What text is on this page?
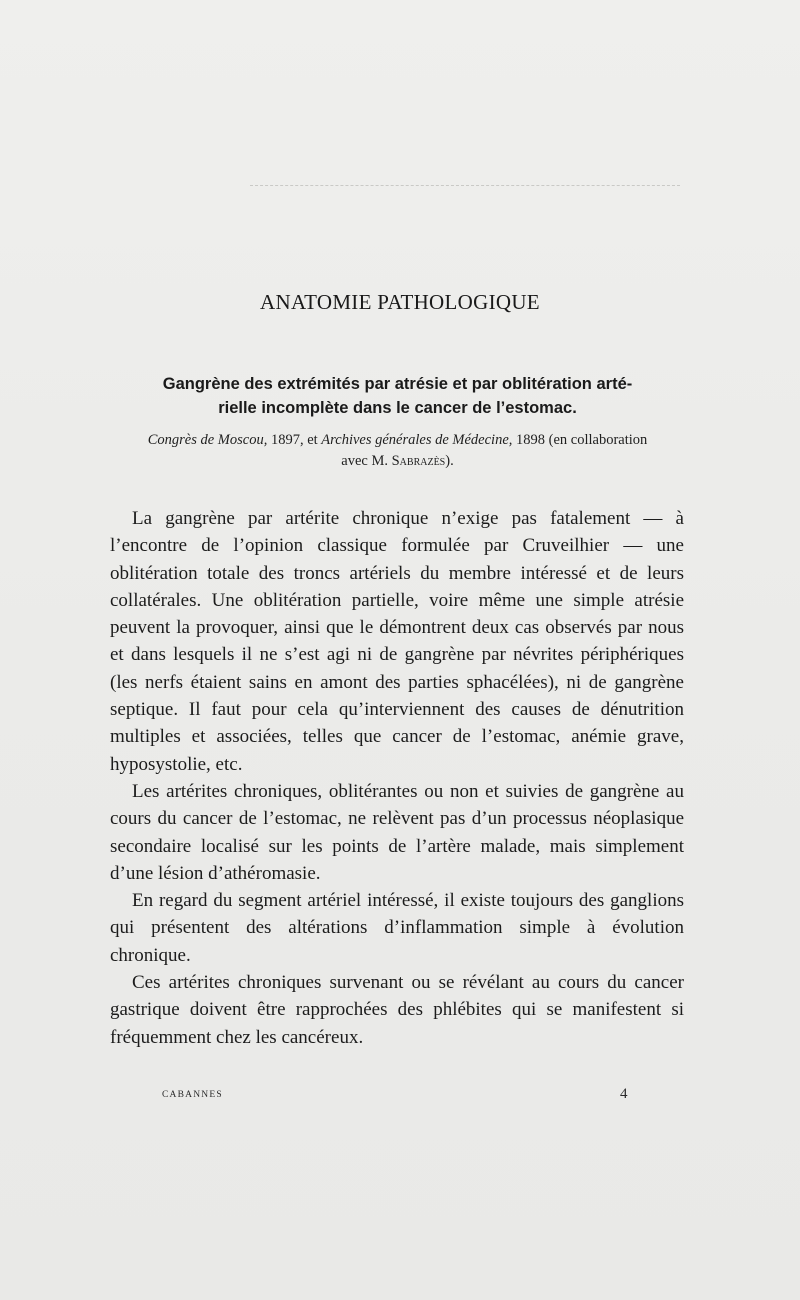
ANATOMIE PATHOLOGIQUE
Gangrène des extrémités par atrésie et par oblitération arté-
rielle incomplète dans le cancer de l’estomac.
Congrès de Moscou, 1897, et Archives générales de Médecine, 1898 (en collaboration
avec M. Sabrazès).

La gangrène par artérite chronique n’exige pas fatalement — à l’encontre de l’opinion classique formulée par Cruveilhier — une oblitération totale des troncs artériels du membre intéressé et de leurs collatérales. Une oblitération partielle, voire même une simple atrésie peuvent la provoquer, ainsi que le démontrent deux cas observés par nous et dans lesquels il ne s’est agi ni de gangrène par névrites périphériques (les nerfs étaient sains en amont des parties sphacélées), ni de gangrène septique. Il faut pour cela qu’interviennent des causes de dénutrition multiples et associées, telles que cancer de l’estomac, anémie grave, hyposystolie, etc.

Les artérites chroniques, oblitérantes ou non et suivies de gangrène au cours du cancer de l’estomac, ne relèvent pas d’un processus néoplasique secondaire localisé sur les points de l’artère malade, mais simplement d’une lésion d’athéromasie.

En regard du segment artériel intéressé, il existe toujours des ganglions qui présentent des altérations d’inflammation simple à évolution chronique.

Ces artérites chroniques survenant ou se révélant au cours du cancer gastrique doivent être rapprochées des phlébites qui se manifestent si fréquemment chez les cancéreux.

CABANNES	4
